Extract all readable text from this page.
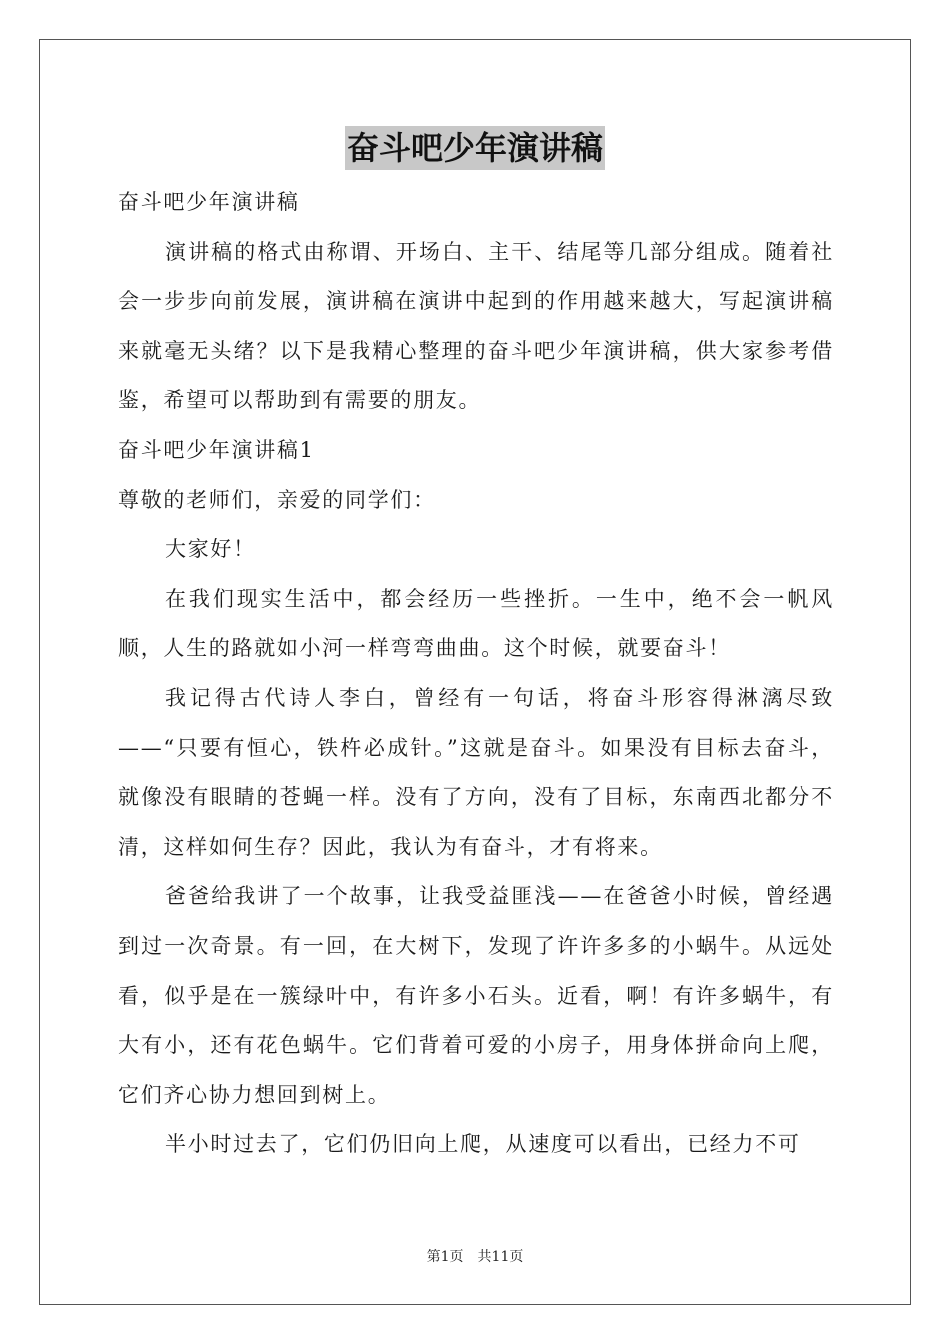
奋斗吧少年演讲稿

奋斗吧少年演讲稿

演讲稿的格式由称谓、开场白、主干、结尾等几部分组成。随着社会一步步向前发展，演讲稿在演讲中起到的作用越来越大，写起演讲稿来就毫无头绪？以下是我精心整理的奋斗吧少年演讲稿，供大家参考借鉴，希望可以帮助到有需要的朋友。

奋斗吧少年演讲稿1

尊敬的老师们，亲爱的同学们：

大家好！

在我们现实生活中，都会经历一些挫折。一生中，绝不会一帆风顺，人生的路就如小河一样弯弯曲曲。这个时候，就要奋斗！

我记得古代诗人李白，曾经有一句话，将奋斗形容得淋漓尽致——“只要有恒心，铁杵必成针。”这就是奋斗。如果没有目标去奋斗，就像没有眼睛的苍蝇一样。没有了方向，没有了目标，东南西北都分不清，这样如何生存？因此，我认为有奋斗，才有将来。

爸爸给我讲了一个故事，让我受益匪浅——在爸爸小时候，曾经遇到过一次奇景。有一回，在大树下，发现了许许多多的小蜗牛。从远处看，似乎是在一簇绿叶中，有许多小石头。近看，啊！有许多蜗牛，有大有小，还有花色蜗牛。它们背着可爱的小房子，用身体拼命向上爬，它们齐心协力想回到树上。

半小时过去了，它们仍旧向上爬，从速度可以看出，已经力不可

第1页 共11页
